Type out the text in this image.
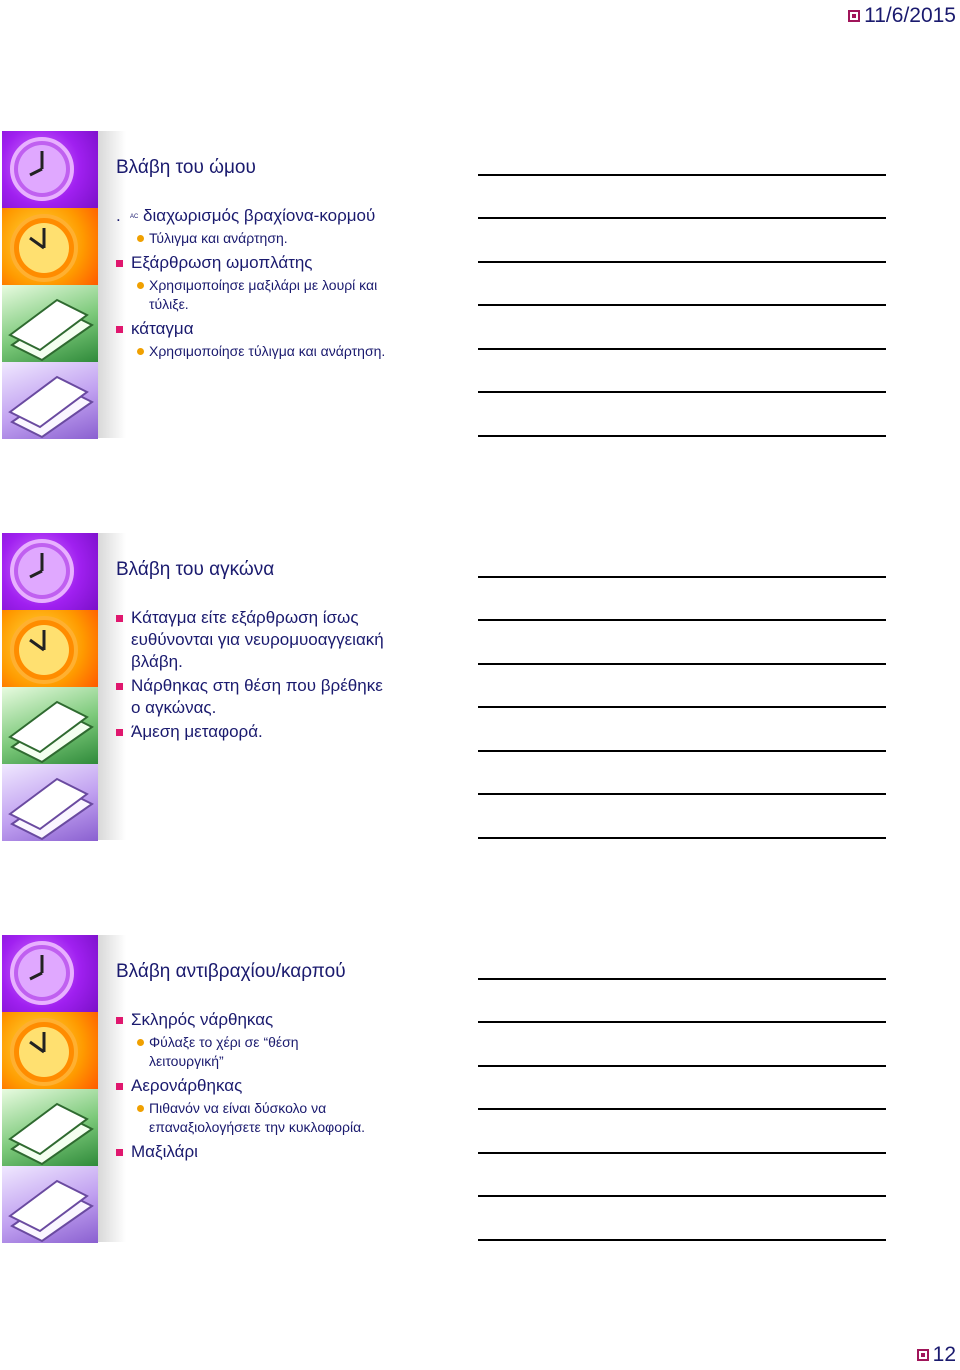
11/6/2015
Βλάβη του ώμου
. AC διαχωρισμός βραχίονα-κορμού
Τύλιγμα και ανάρτηση.
Εξάρθρωση ωμοπλάτης
Χρησιμοποίησε μαξιλάρι με λουρί και τύλιξε.
κάταγμα
Χρησιμοποίησε τύλιγμα και ανάρτηση.
Βλάβη του αγκώνα
Κάταγμα είτε εξάρθρωση ίσως ευθύνονται για νευρομυοαγγειακή βλάβη.
Νάρθηκας στη θέση που βρέθηκε ο αγκώνας.
Άμεση μεταφορά.
Βλάβη αντιβραχίου/καρπού
Σκληρός νάρθηκας
Φύλαξε το χέρι σε “θέση λειτουργική”
Αερονάρθηκας
Πιθανόν να είναι δύσκολο να επαναξιολογήσετε την κυκλοφορία.
Μαξιλάρι
12
